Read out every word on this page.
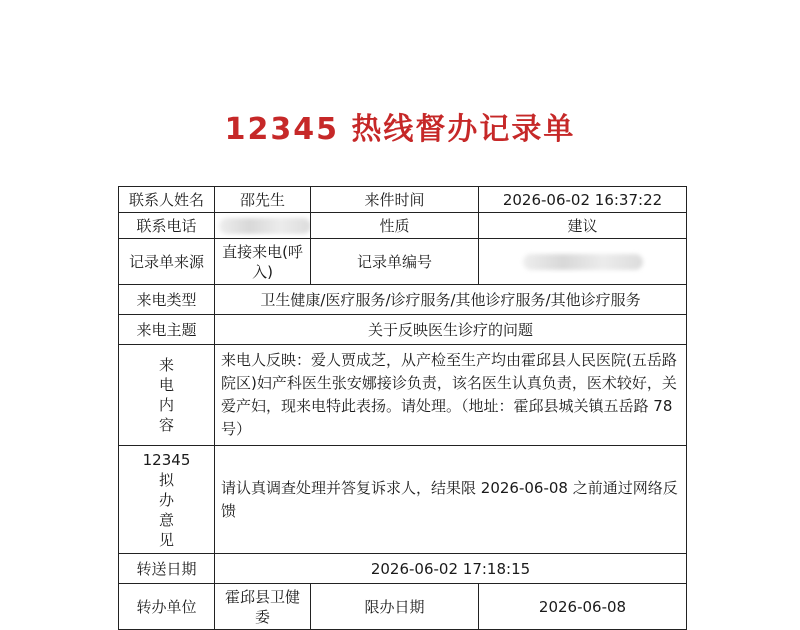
12345 热线督办记录单
联系人姓名	邵先生	来件时间	2026-06-02 16:37:22
联系电话		性质	建议
记录单来源	直接来电(呼入)	记录单编号	
来电类型	卫生健康/医疗服务/诊疗服务/其他诊疗服务/其他诊疗服务		
来电主题	关于反映医生诊疗的问题		

来
电
内
容	来电人反映：爱人贾成芝，从产检至生产均由霍邱县人民医院(五岳路院区)妇产科医生张安娜接诊负责，该名医生认真负责，医术较好，关爱产妇，现来电特此表扬。请处理。（地址：霍邱县城关镇五岳路 78 号）		

12345
拟
办
意
见	请认真调查处理并答复诉求人，结果限 2026-06-08 之前通过网络反馈		
转送日期	2026-06-02 17:18:15		
转办单位	霍邱县卫健委	限办日期	2026-06-08
